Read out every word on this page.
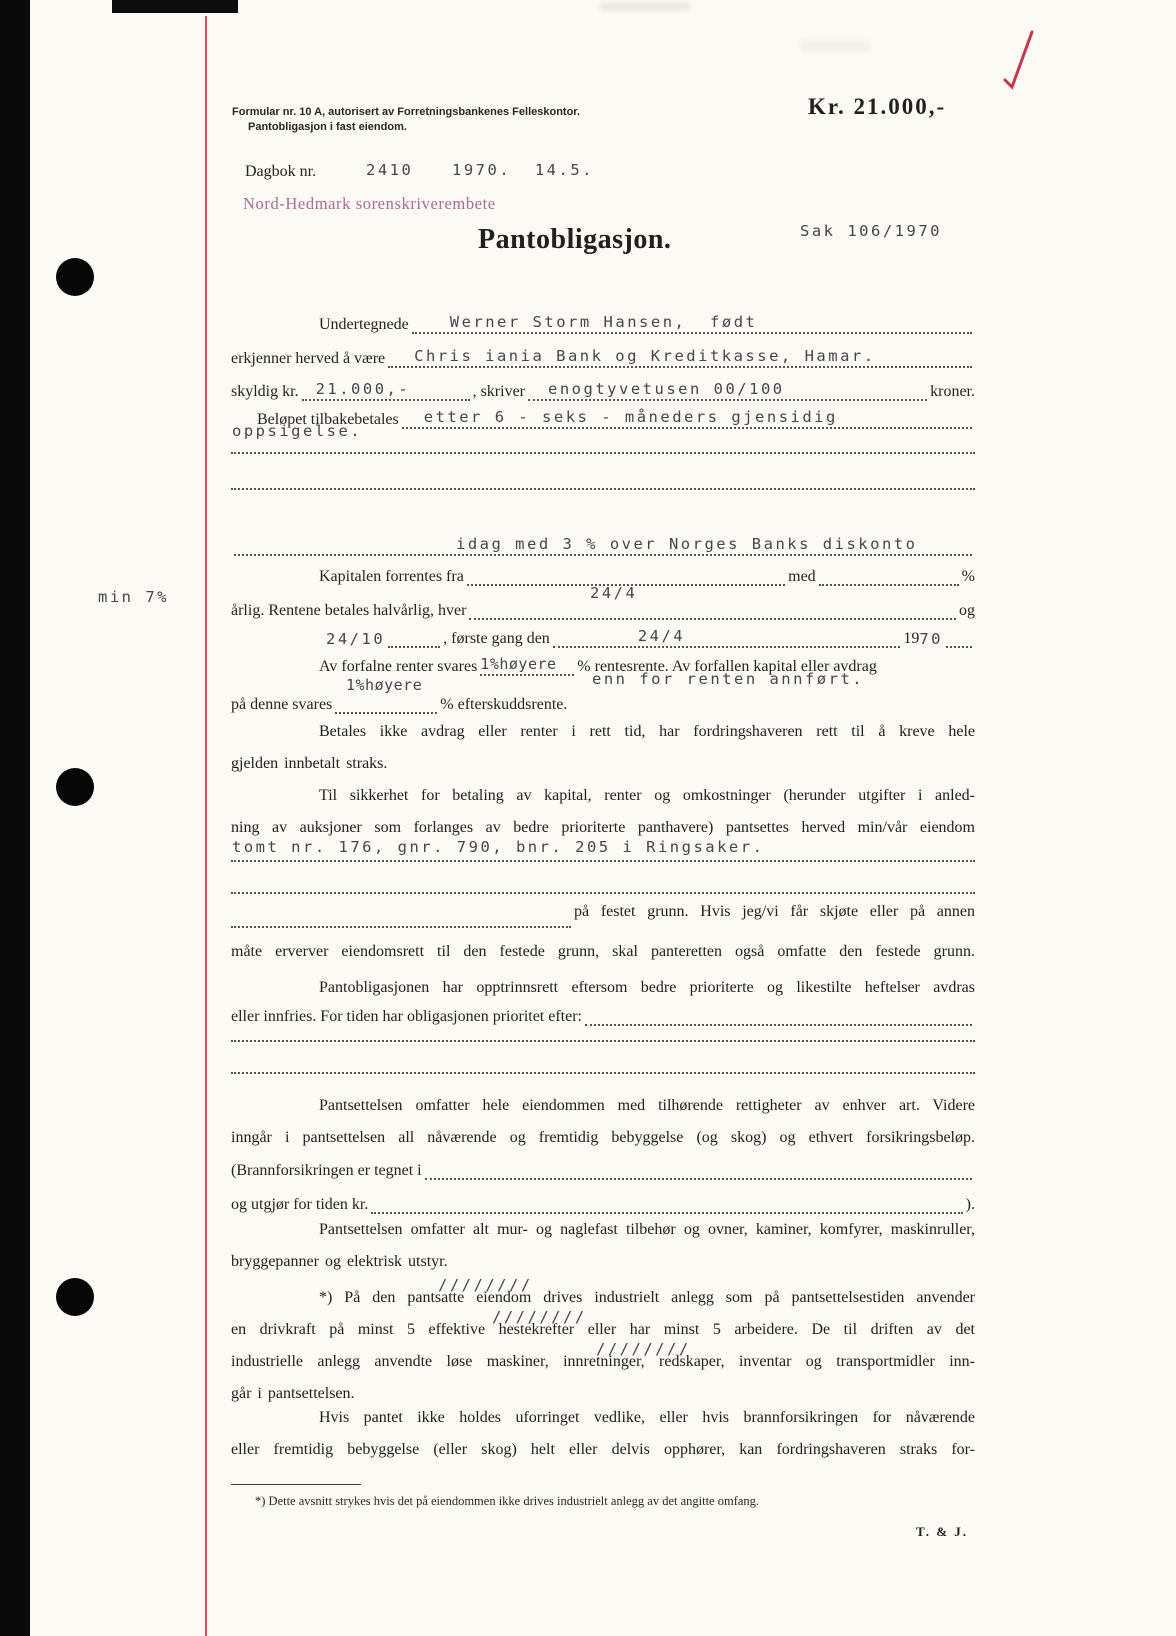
Formular nr. 10 A, autorisert av Forretningsbankenes Felleskontor.
Pantobligasjon i fast eiendom.
Kr. 21.000,-
Dagbok nr.	2410 1970.  14.5.
Nord-Hedmark sorenskriverembete
Pantobligasjon.	Sak 106/1970
min 7%
Undertegnede	Werner Storm Hansen,  født
erkjenner herved å være	Chris iania Bank og Kreditkasse, Hamar.
skyldig kr.	21.000,-	, skriver	enogtyvetusen 00/100	kroner.
Beløpet tilbakebetales	etter 6 - seks - måneders gjensidig
oppsigelse.
idag med 3 % over Norges Banks diskonto
Kapitalen forrentes fra	med	%
24/4
årlig. Rentene betales halvårlig, hver	og
24/10	, første gang den	24/4	19 70
Av forfalne renter svares 1%høyere	% rentesrente. Av forfallen kapital eller avdrag
enn for renten annført.
1%høyere
på denne svares	% efterskuddsrente.
Betales ikke avdrag eller renter i rett tid, har fordringshaveren rett til å kreve hele
gjelden innbetalt straks.
Til sikkerhet for betaling av kapital, renter og omkostninger (herunder utgifter i anled-
ning av auksjoner som forlanges av bedre prioriterte panthavere) pantsettes herved min/vår eiendom
tomt nr. 176, gnr. 790, bnr. 205 i Ringsaker.
på festet grunn. Hvis jeg/vi får skjøte eller på annen
måte erverver eiendomsrett til den festede grunn, skal panteretten også omfatte den festede grunn.
Pantobligasjonen har opptrinnsrett eftersom bedre prioriterte og likestilte heftelser avdras
eller innfries. For tiden har obligasjonen prioritet efter:
Pantsettelsen omfatter hele eiendommen med tilhørende rettigheter av enhver art. Videre
inngår i pantsettelsen all nåværende og fremtidig bebyggelse (og skog) og ethvert forsikringsbeløp.
(Brannforsikringen er tegnet i
og utgjør for tiden kr.	).
Pantsettelsen omfatter alt mur- og naglefast tilbehør og ovner, kaminer, komfyrer, maskinruller,
bryggepanner og elektrisk utstyr.
////////
////////
////////
*) På den pantsatte eiendom drives industrielt anlegg som på pantsettelsestiden anvender
en drivkraft på minst 5 effektive hestekrefter eller har minst 5 arbeidere. De til driften av det
industrielle anlegg anvendte løse maskiner, innretninger, redskaper, inventar og transportmidler inn-
går i pantsettelsen.
Hvis pantet ikke holdes uforringet vedlike, eller hvis brannforsikringen for nåværende
eller fremtidig bebyggelse (eller skog) helt eller delvis opphører, kan fordringshaveren straks for-
*) Dette avsnitt strykes hvis det på eiendommen ikke drives industrielt anlegg av det angitte omfang.
T. & J.
